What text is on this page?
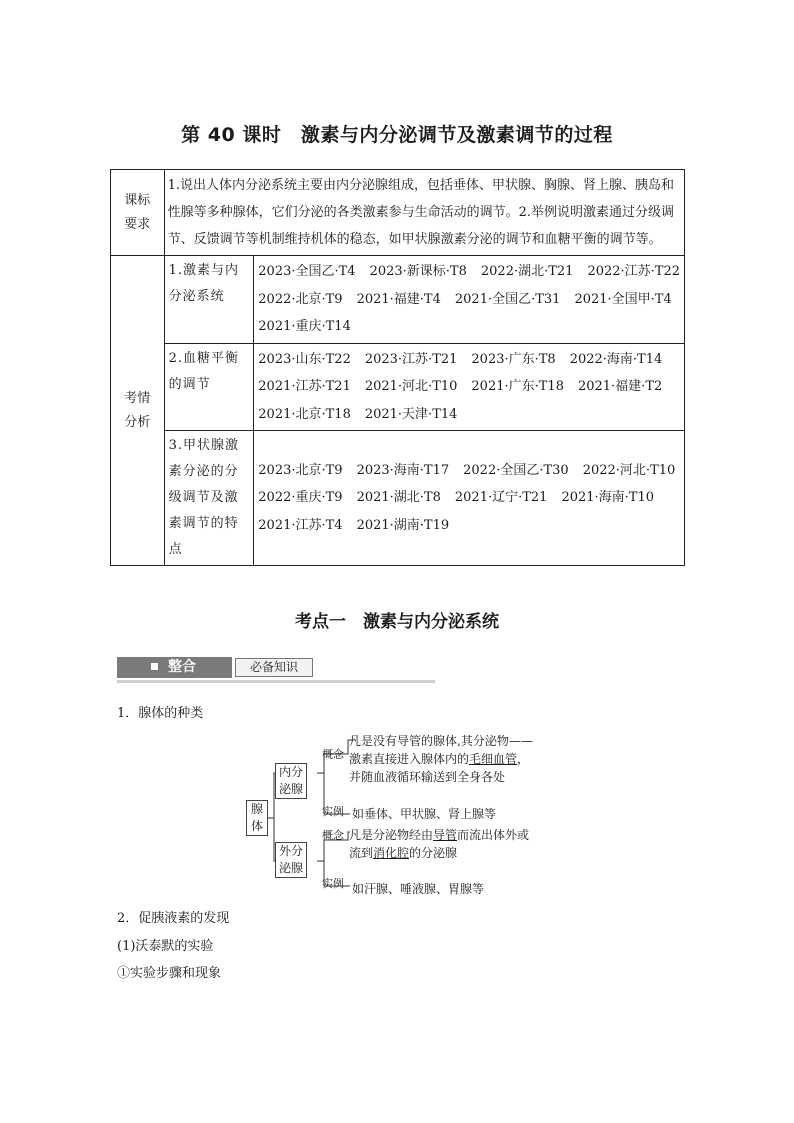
第 40 课时　激素与内分泌调节及激素调节的过程
课标
要求	1.说出人体内分泌系统主要由内分泌腺组成，包括垂体、甲状腺、胸腺、肾上腺、胰岛和性腺等多种腺体，它们分泌的各类激素参与生命活动的调节。2.举例说明激素通过分级调节、反馈调节等机制维持机体的稳态，如甲状腺激素分泌的调节和血糖平衡的调节等。	
考情
分析	1.激素与内分泌系统	2023·全国乙·T4 2023·新课标·T8 2022·湖北·T21 2022·江苏·T22
2022·北京·T9 2021·福建·T4 2021·全国乙·T31 2021·全国甲·T4
2021·重庆·T14
	2.血糖平衡的调节	2023·山东·T22 2023·江苏·T21 2023·广东·T8 2022·海南·T14
2021·江苏·T21 2021·河北·T10 2021·广东·T18 2021·福建·T2
2021·北京·T18 2021·天津·T14
	3.甲状腺激素分泌的分级调节及激素调节的特点	2023·北京·T9 2023·海南·T17 2022·全国乙·T30 2022·河北·T10
2022·重庆·T9 2021·湖北·T8 2021·辽宁·T21 2021·海南·T10
2021·江苏·T4 2021·湖南·T19
考点一　激素与内分泌系统
整合	必备知识
1．腺体的种类
腺
体
内分
泌腺
外分
泌腺
概念
实例
概念
实例
凡是没有导管的腺体,其分泌物——
激素直接进入腺体内的毛细血管，
并随血液循环输送到全身各处
如垂体、甲状腺、肾上腺等
凡是分泌物经由导管而流出体外或
流到消化腔的分泌腺
如汗腺、唾液腺、胃腺等
2．促胰液素的发现
(1)沃泰默的实验
①实验步骤和现象
